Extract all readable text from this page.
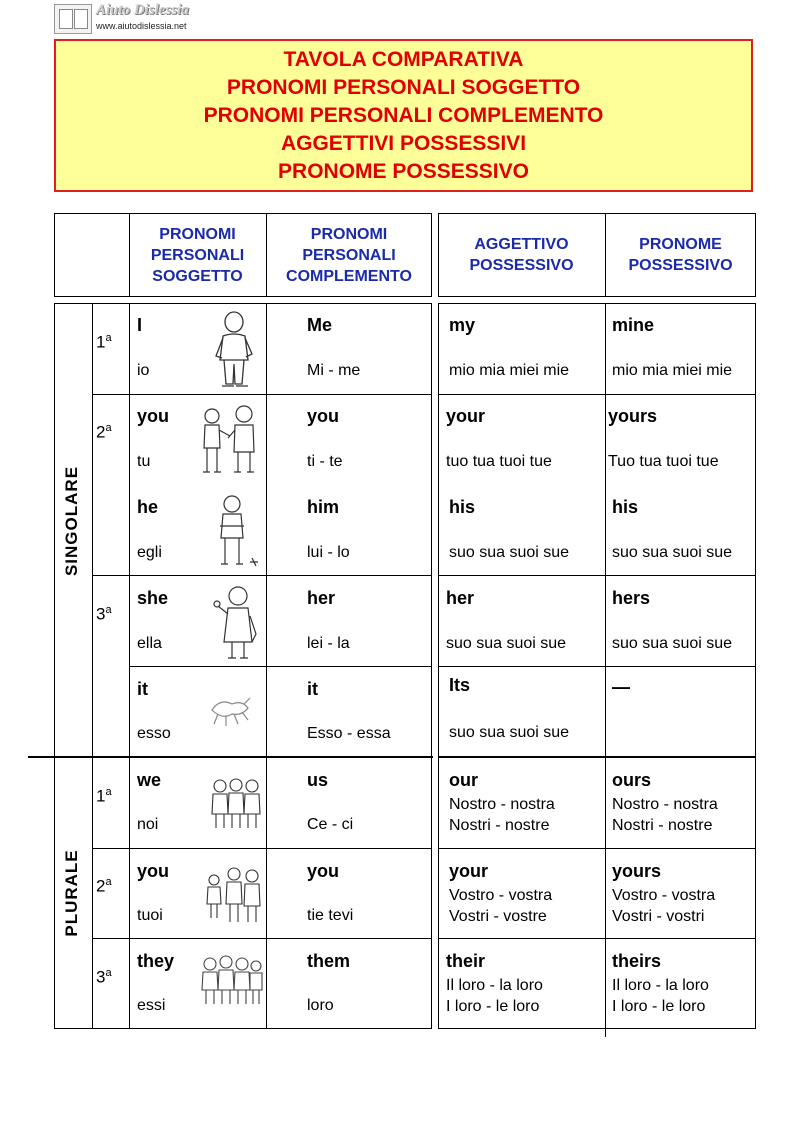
Aiuto Dislessia
www.aiutodislessia.net
TAVOLA COMPARATIVA
PRONOMI PERSONALI SOGGETTO
PRONOMI PERSONALI COMPLEMENTO
AGGETTIVI POSSESSIVI
PRONOME POSSESSIVO
PRONOMI
PERSONALI
SOGGETTO
PRONOMI
PERSONALI
COMPLEMENTO
AGGETTIVO
POSSESSIVO
PRONOME
POSSESSIVO
SINGOLARE
PLURALE
1$^a$
2$^a$
3$^a$
1$^a$
2$^a$
3$^a$
I
io
Me
Mi - me
my
mio mia miei mie
mine
mio mia miei mie
you
tu
you
ti - te
your
tuo tua tuoi tue
yours
Tuo tua tuoi tue
he
egli
him
lui - lo
his
suo sua suoi sue
his
suo sua suoi sue
she
ella
her
lei - la
her
suo sua suoi sue
hers
suo sua suoi sue
it
esso
it
Esso - essa
Its
suo sua suoi sue
—
we
noi
us
Ce - ci
our
Nostro - nostra
Nostri - nostre
ours
Nostro - nostra
Nostri - nostre
you
tuoi
you
tie tevi
your
Vostro - vostra
Vostri - vostre
yours
Vostro - vostra
Vostri - vostri
they
essi
them
loro
their
Il loro - la loro
I loro - le loro
theirs
Il loro - la loro
I loro - le loro
